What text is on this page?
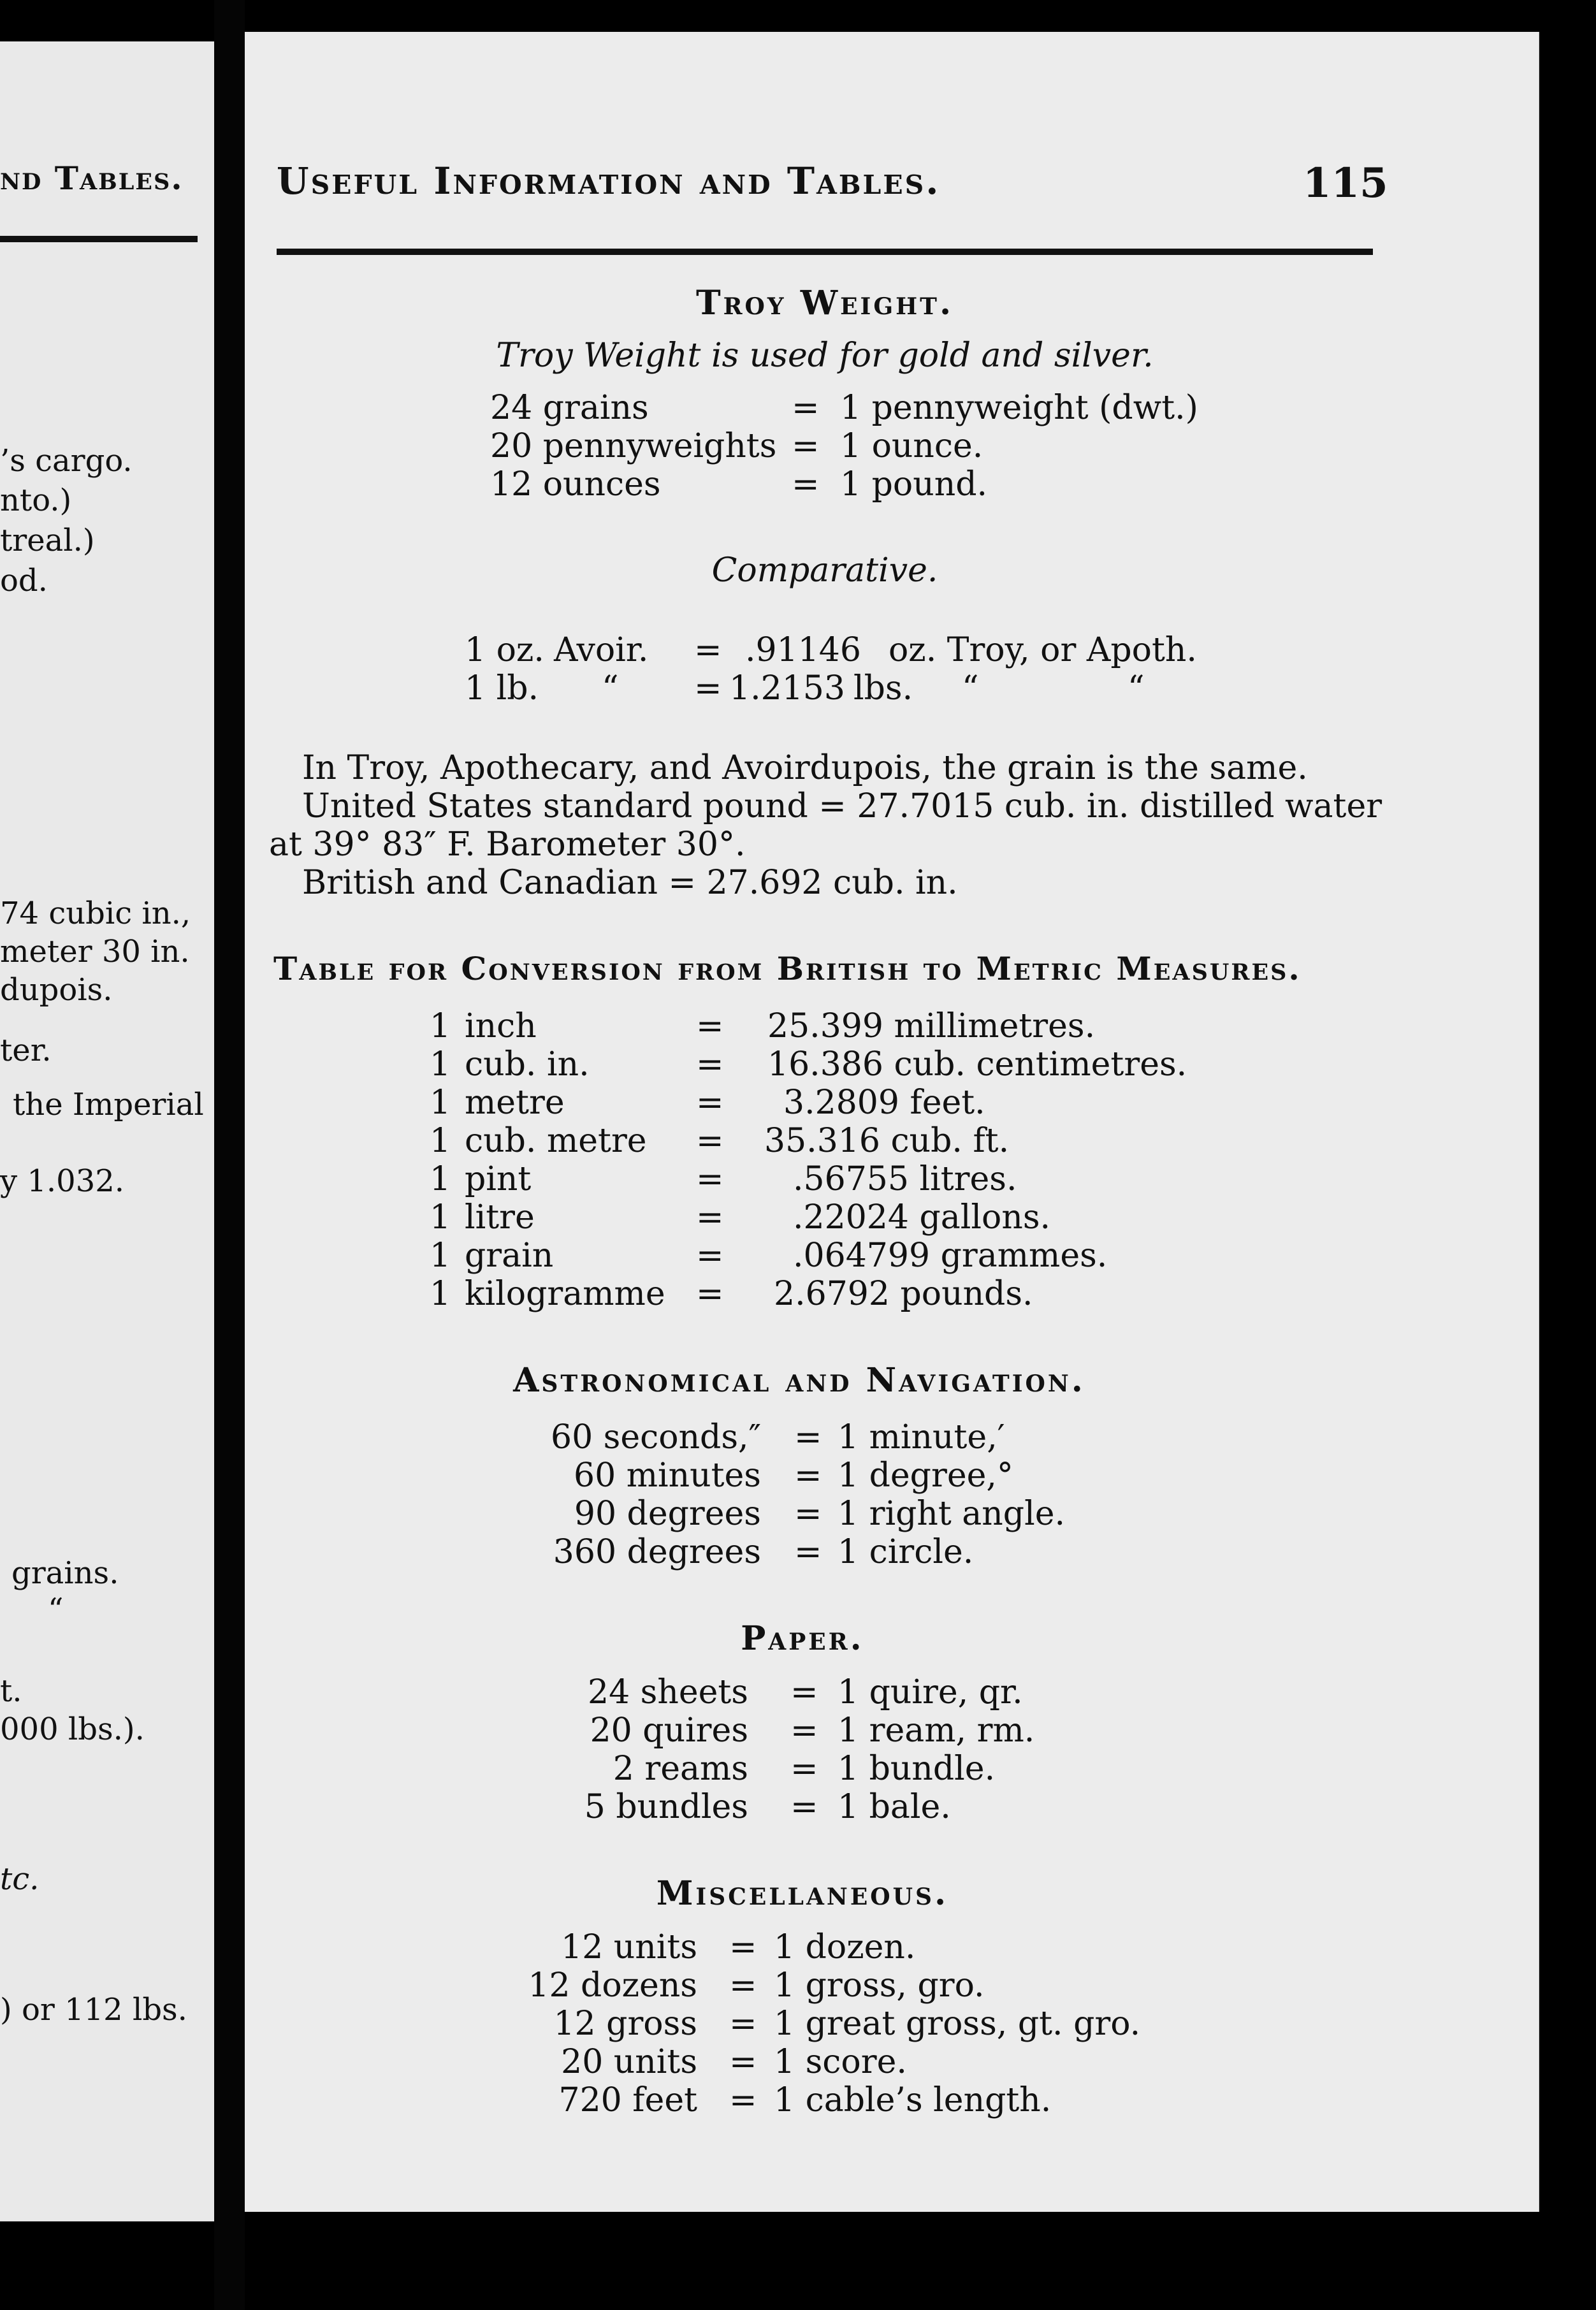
nd Tables.
’s cargo.
nto.)
treal.)
od.
74 cubic in.,
meter 30 in.
dupois.
ter.
the Imperial
y 1.032.
grains.
“
t.
000 lbs.).
tc.
) or 112 lbs.
Useful Information and Tables.	115
Troy Weight.
Troy Weight is used for gold and silver.
24 grains	= 1 pennyweight (dwt.)
20 pennyweights = 1 ounce.
12 ounces	= 1 pound.
Comparative.
1 oz. Avoir. = .91146 oz. Troy, or Apoth.
1 lb. “ = 1.2153 lbs. “	“
In Troy, Apothecary, and Avoirdupois, the grain is the same.
United States standard pound = 27.7015 cub. in. distilled water
at 39° 83″ F. Barometer 30°.
British and Canadian = 27.692 cub. in.
Table for Conversion from British to Metric Measures.
1 inch	= 25.399 millimetres.
1 cub. in.	= 16.386 cub. centimetres.
1 metre	= 3.2809 feet.
1 cub. metre = 35.316 cub. ft.
1 pint	= .56755 litres.
1 litre	= .22024 gallons.
1 grain	= .064799 grammes.
1 kilogramme = 2.6792 pounds.
Astronomical and Navigation.
60 seconds,″ = 1 minute,′
60 minutes = 1 degree,°
90 degrees = 1 right angle.
360 degrees = 1 circle.
Paper.
24 sheets = 1 quire, qr.
20 quires = 1 ream, rm.
2 reams = 1 bundle.
5 bundles = 1 bale.
Miscellaneous.
12 units = 1 dozen.
12 dozens = 1 gross, gro.
12 gross = 1 great gross, gt. gro.
20 units = 1 score.
720 feet = 1 cable’s length.
